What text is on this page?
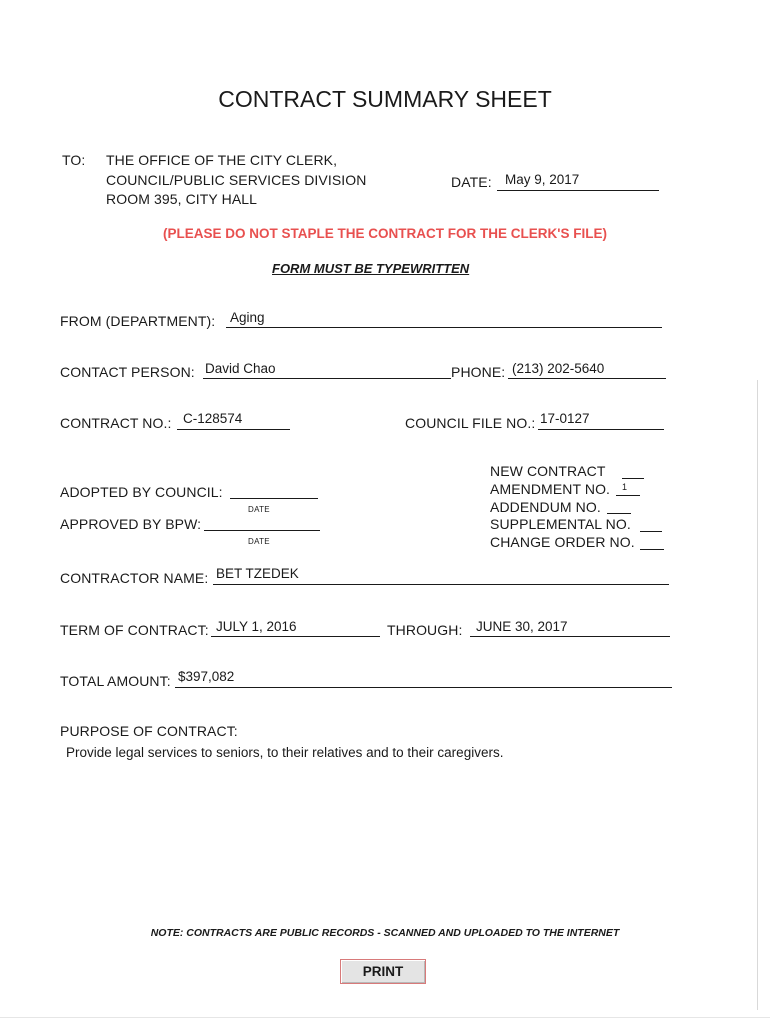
CONTRACT SUMMARY SHEET
TO: THE OFFICE OF THE CITY CLERK,
COUNCIL/PUBLIC SERVICES DIVISION
ROOM 395, CITY HALL
DATE: May 9, 2017
(PLEASE DO NOT STAPLE THE CONTRACT FOR THE CLERK'S FILE)
FORM MUST BE TYPEWRITTEN
FROM (DEPARTMENT): Aging
CONTACT PERSON: David Chao	PHONE: (213) 202-5640
CONTRACT NO.: C-128574	COUNCIL FILE NO.: 17-0127
ADOPTED BY COUNCIL:
DATE
APPROVED BY BPW:
DATE
NEW CONTRACT
AMENDMENT NO. 1
ADDENDUM NO.
SUPPLEMENTAL NO.
CHANGE ORDER NO.
CONTRACTOR NAME: BET TZEDEK
TERM OF CONTRACT: JULY 1, 2016	THROUGH: JUNE 30, 2017
TOTAL AMOUNT: $397,082
PURPOSE OF CONTRACT:
Provide legal services to seniors, to their relatives and to their caregivers.
NOTE: CONTRACTS ARE PUBLIC RECORDS - SCANNED AND UPLOADED TO THE INTERNET
PRINT
